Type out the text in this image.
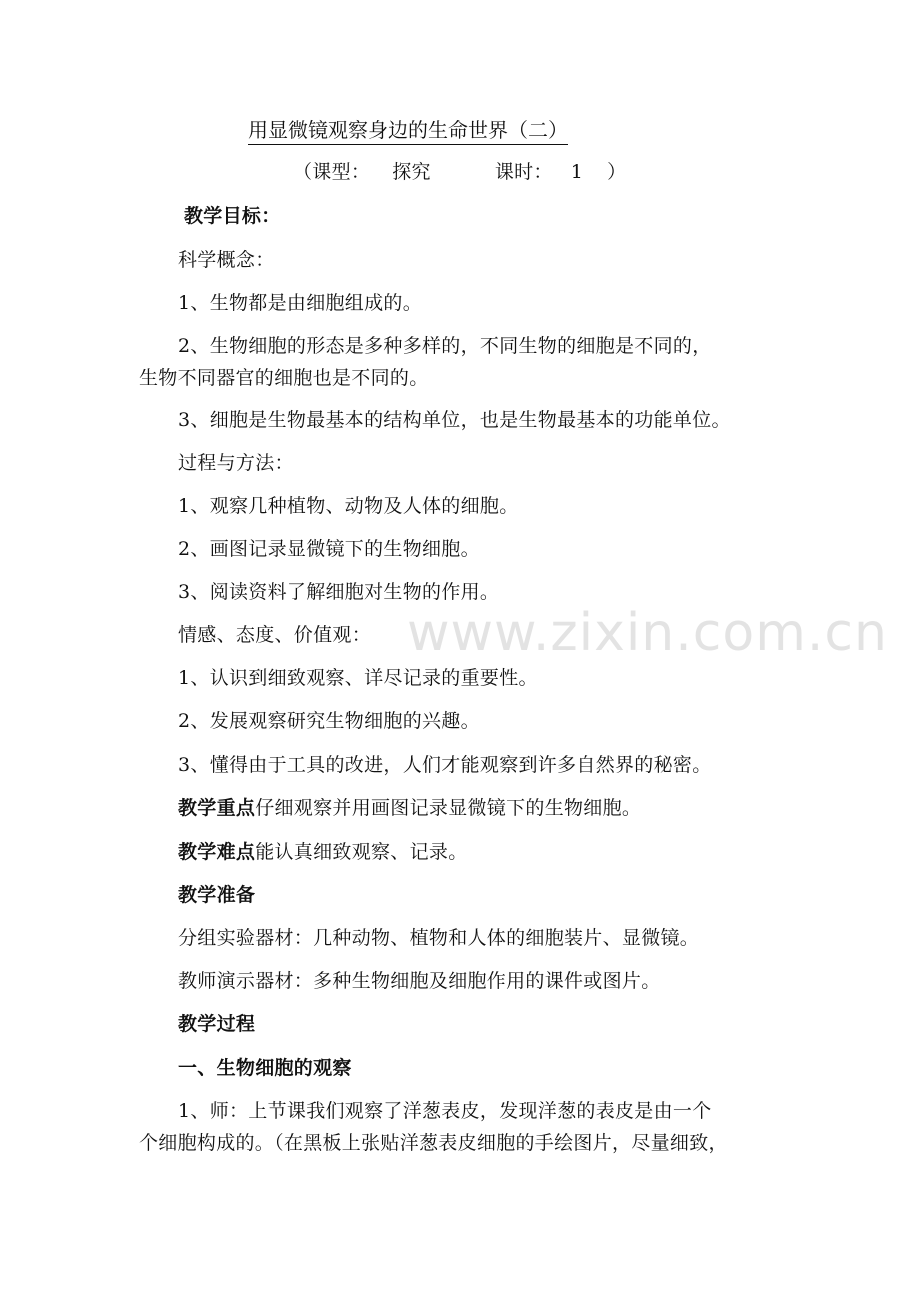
www.zixin.com.cn
用显微镜观察身边的生命世界（二）
（课型： 探究	课时： 1 ）
教学目标：
科学概念：
1、生物都是由细胞组成的。
2、生物细胞的形态是多种多样的，不同生物的细胞是不同的，
生物不同器官的细胞也是不同的。
3、细胞是生物最基本的结构单位，也是生物最基本的功能单位。
过程与方法：
1、观察几种植物、动物及人体的细胞。
2、画图记录显微镜下的生物细胞。
3、阅读资料了解细胞对生物的作用。
情感、态度、价值观：
1、认识到细致观察、详尽记录的重要性。
2、发展观察研究生物细胞的兴趣。
3、懂得由于工具的改进，人们才能观察到许多自然界的秘密。
教学重点仔细观察并用画图记录显微镜下的生物细胞。
教学难点能认真细致观察、记录。
教学准备
分组实验器材：几种动物、植物和人体的细胞装片、显微镜。
教师演示器材：多种生物细胞及细胞作用的课件或图片。
教学过程
一、生物细胞的观察
1、师：上节课我们观察了洋葱表皮，发现洋葱的表皮是由一个
个细胞构成的。（在黑板上张贴洋葱表皮细胞的手绘图片，尽量细致，
